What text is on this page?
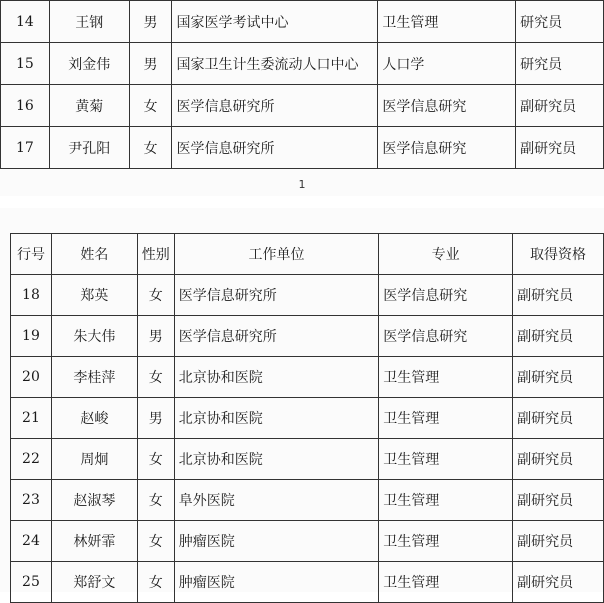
14	王钢	男	国家医学考试中心	卫生管理	研究员
15	刘金伟	男	国家卫生计生委流动人口中心	人口学	研究员
16	黄菊	女	医学信息研究所	医学信息研究	副研究员
17	尹孔阳	女	医学信息研究所	医学信息研究	副研究员
1
行号	姓名	性别	工作单位	专业	取得资格
18	郑英	女	医学信息研究所	医学信息研究	副研究员
19	朱大伟	男	医学信息研究所	医学信息研究	副研究员
20	李桂萍	女	北京协和医院	卫生管理	副研究员
21	赵峻	男	北京协和医院	卫生管理	副研究员
22	周炯	女	北京协和医院	卫生管理	副研究员
23	赵淑琴	女	阜外医院	卫生管理	副研究员
24	林妍霏	女	肿瘤医院	卫生管理	副研究员
25	郑舒文	女	肿瘤医院	卫生管理	副研究员
